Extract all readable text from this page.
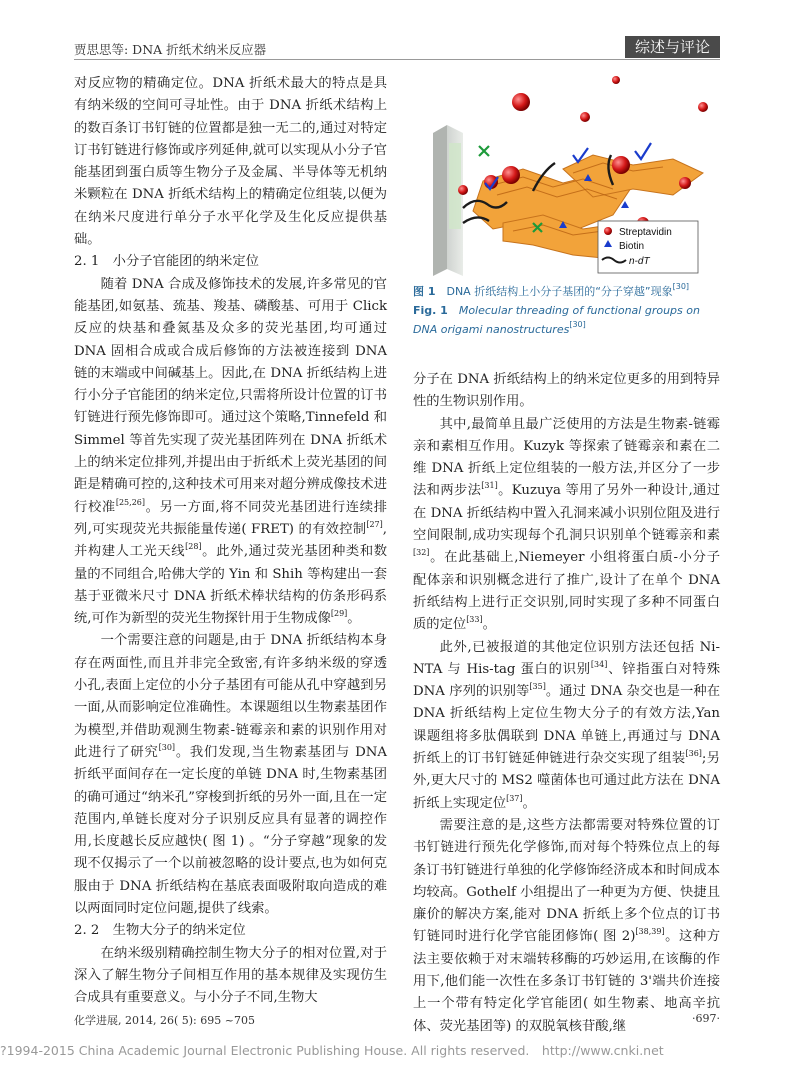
贾思思等: DNA 折纸术纳米反应器	综述与评论

对反应物的精确定位。DNA 折纸术最大的特点是具有纳米级的空间可寻址性。由于 DNA 折纸术结构上的数百条订书钉链的位置都是独一无二的,通过对特定订书钉链进行修饰或序列延伸,就可以实现从小分子官能基团到蛋白质等生物分子及金属、半导体等无机纳米颗粒在 DNA 折纸术结构上的精确定位组装,以便为在纳米尺度进行单分子水平化学及生化反应提供基础。

2. 1　小分子官能团的纳米定位

随着 DNA 合成及修饰技术的发展,许多常见的官能基团,如氨基、巯基、羧基、磷酸基、可用于 Click 反应的炔基和叠氮基及众多的荧光基团,均可通过 DNA 固相合成或合成后修饰的方法被连接到 DNA 链的末端或中间碱基上。因此,在 DNA 折纸结构上进行小分子官能团的纳米定位,只需将所设计位置的订书钉链进行预先修饰即可。通过这个策略,Tinnefeld 和 Simmel 等首先实现了荧光基团阵列在 DNA 折纸术上的纳米定位排列,并提出由于折纸术上荧光基团的间距是精确可控的,这种技术可用来对超分辨成像技术进行校准[25,26]。另一方面,将不同荧光基团进行连续排列,可实现荧光共振能量传递( FRET) 的有效控制[27],并构建人工光天线[28]。此外,通过荧光基团种类和数量的不同组合,哈佛大学的 Yin 和 Shih 等构建出一套基于亚微米尺寸 DNA 折纸术棒状结构的仿条形码系统,可作为新型的荧光生物探针用于生物成像[29]。

一个需要注意的问题是,由于 DNA 折纸结构本身存在两面性,而且并非完全致密,有许多纳米级的穿透小孔,表面上定位的小分子基团有可能从孔中穿越到另一面,从而影响定位准确性。本课题组以生物素基团作为模型,并借助观测生物素-链霉亲和素的识别作用对此进行了研究[30]。我们发现,当生物素基团与 DNA 折纸平面间存在一定长度的单链 DNA 时,生物素基团的确可通过“纳米孔”穿梭到折纸的另外一面,且在一定范围内,单链长度对分子识别反应具有显著的调控作用,长度越长反应越快( 图 1) 。“分子穿越”现象的发现不仅揭示了一个以前被忽略的设计要点,也为如何克服由于 DNA 折纸结构在基底表面吸附取向造成的难以两面同时定位问题,提供了线索。

2. 2　生物大分子的纳米定位

在纳米级别精确控制生物大分子的相对位置,对于深入了解生物分子间相互作用的基本规律及实现仿生合成具有重要意义。与小分子不同,生物大

Streptavidin
Biotin
n-dT
图 1　 DNA 折纸结构上小分子基团的“分子穿越”现象[30]
Fig. 1　 Molecular threading of functional groups on DNA origami nanostructures[30]

分子在 DNA 折纸结构上的纳米定位更多的用到特异性的生物识别作用。

其中,最简单且最广泛使用的方法是生物素-链霉亲和素相互作用。Kuzyk 等探索了链霉亲和素在二维 DNA 折纸上定位组装的一般方法,并区分了一步法和两步法[31]。Kuzuya 等用了另外一种设计,通过在 DNA 折纸结构中置入孔洞来减小识别位阻及进行空间限制,成功实现每个孔洞只识别单个链霉亲和素[32]。在此基础上,Niemeyer 小组将蛋白质-小分子配体亲和识别概念进行了推广,设计了在单个 DNA 折纸结构上进行正交识别,同时实现了多种不同蛋白质的定位[33]。

此外,已被报道的其他定位识别方法还包括 Ni-NTA 与 His-tag 蛋白的识别[34]、锌指蛋白对特殊 DNA 序列的识别等[35]。通过 DNA 杂交也是一种在 DNA 折纸结构上定位生物大分子的有效方法,Yan 课题组将多肽偶联到 DNA 单链上,再通过与 DNA 折纸上的订书钉链延伸链进行杂交实现了组装[36];另外,更大尺寸的 MS2 噬菌体也可通过此方法在 DNA 折纸上实现定位[37]。

需要注意的是,这些方法都需要对特殊位置的订书钉链进行预先化学修饰,而对每个特殊位点上的每条订书钉链进行单独的化学修饰经济成本和时间成本均较高。Gothelf 小组提出了一种更为方便、快捷且廉价的解决方案,能对 DNA 折纸上多个位点的订书钉链同时进行化学官能团修饰( 图 2)[38,39]。这种方法主要依赖于对末端转移酶的巧妙运用,在该酶的作用下,他们能一次性在多条订书钉链的 3'端共价连接上一个带有特定化学官能团( 如生物素、地高辛抗体、荧光基团等) 的双脱氧核苷酸,继

化学进展, 2014, 26( 5): 695 ~705	·697·
?1994-2015 China Academic Journal Electronic Publishing House. All rights reserved.　http://www.cnki.net
